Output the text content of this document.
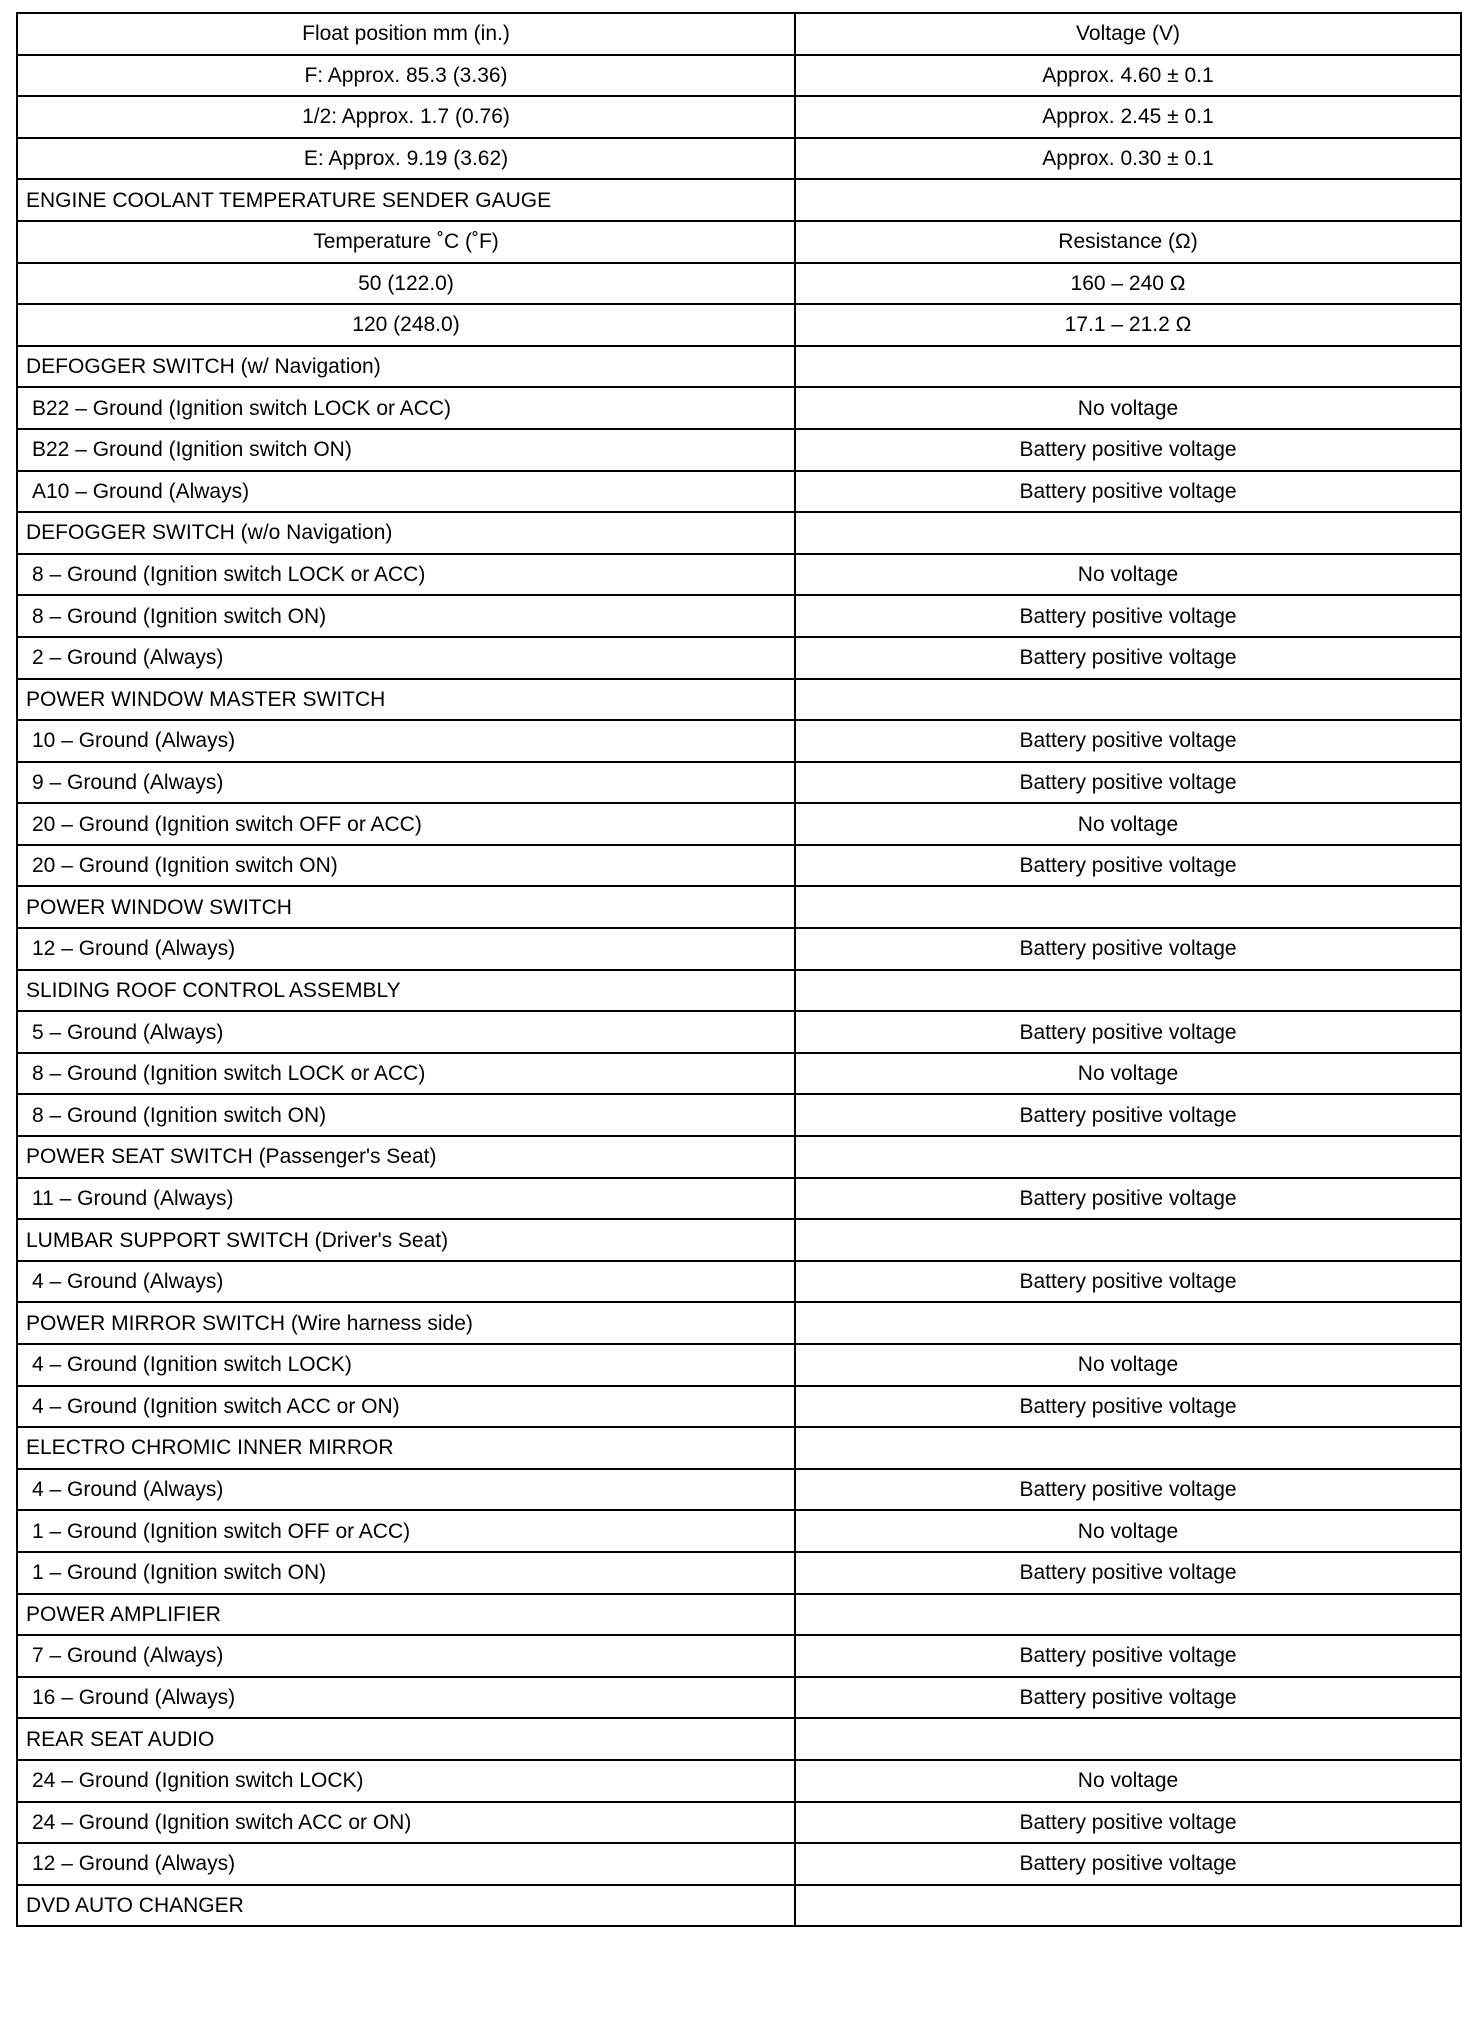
Float position mm (in.)	Voltage (V)
F: Approx. 85.3 (3.36)	Approx. 4.60 ± 0.1
1/2: Approx. 1.7 (0.76)	Approx. 2.45 ± 0.1
E: Approx. 9.19 (3.62)	Approx. 0.30 ± 0.1
ENGINE COOLANT TEMPERATURE SENDER GAUGE	
Temperature ˚C (˚F)	Resistance (Ω)
50 (122.0)	160 – 240 Ω
120 (248.0)	17.1 – 21.2 Ω
DEFOGGER SWITCH (w/ Navigation)	
B22 – Ground (Ignition switch LOCK or ACC)	No voltage
B22 – Ground (Ignition switch ON)	Battery positive voltage
A10 – Ground (Always)	Battery positive voltage
DEFOGGER SWITCH (w/o Navigation)	
8 – Ground (Ignition switch LOCK or ACC)	No voltage
8 – Ground (Ignition switch ON)	Battery positive voltage
2 – Ground (Always)	Battery positive voltage
POWER WINDOW MASTER SWITCH	
10 – Ground (Always)	Battery positive voltage
9 – Ground (Always)	Battery positive voltage
20 – Ground (Ignition switch OFF or ACC)	No voltage
20 – Ground (Ignition switch ON)	Battery positive voltage
POWER WINDOW SWITCH	
12 – Ground (Always)	Battery positive voltage
SLIDING ROOF CONTROL ASSEMBLY	
5 – Ground (Always)	Battery positive voltage
8 – Ground (Ignition switch LOCK or ACC)	No voltage
8 – Ground (Ignition switch ON)	Battery positive voltage
POWER SEAT SWITCH (Passenger's Seat)	
11 – Ground (Always)	Battery positive voltage
LUMBAR SUPPORT SWITCH (Driver's Seat)	
4 – Ground (Always)	Battery positive voltage
POWER MIRROR SWITCH (Wire harness side)	
4 – Ground (Ignition switch LOCK)	No voltage
4 – Ground (Ignition switch ACC or ON)	Battery positive voltage
ELECTRO CHROMIC INNER MIRROR	
4 – Ground (Always)	Battery positive voltage
1 – Ground (Ignition switch OFF or ACC)	No voltage
1 – Ground (Ignition switch ON)	Battery positive voltage
POWER AMPLIFIER	
7 – Ground (Always)	Battery positive voltage
16 – Ground (Always)	Battery positive voltage
REAR SEAT AUDIO	
24 – Ground (Ignition switch LOCK)	No voltage
24 – Ground (Ignition switch ACC or ON)	Battery positive voltage
12 – Ground (Always)	Battery positive voltage
DVD AUTO CHANGER	
